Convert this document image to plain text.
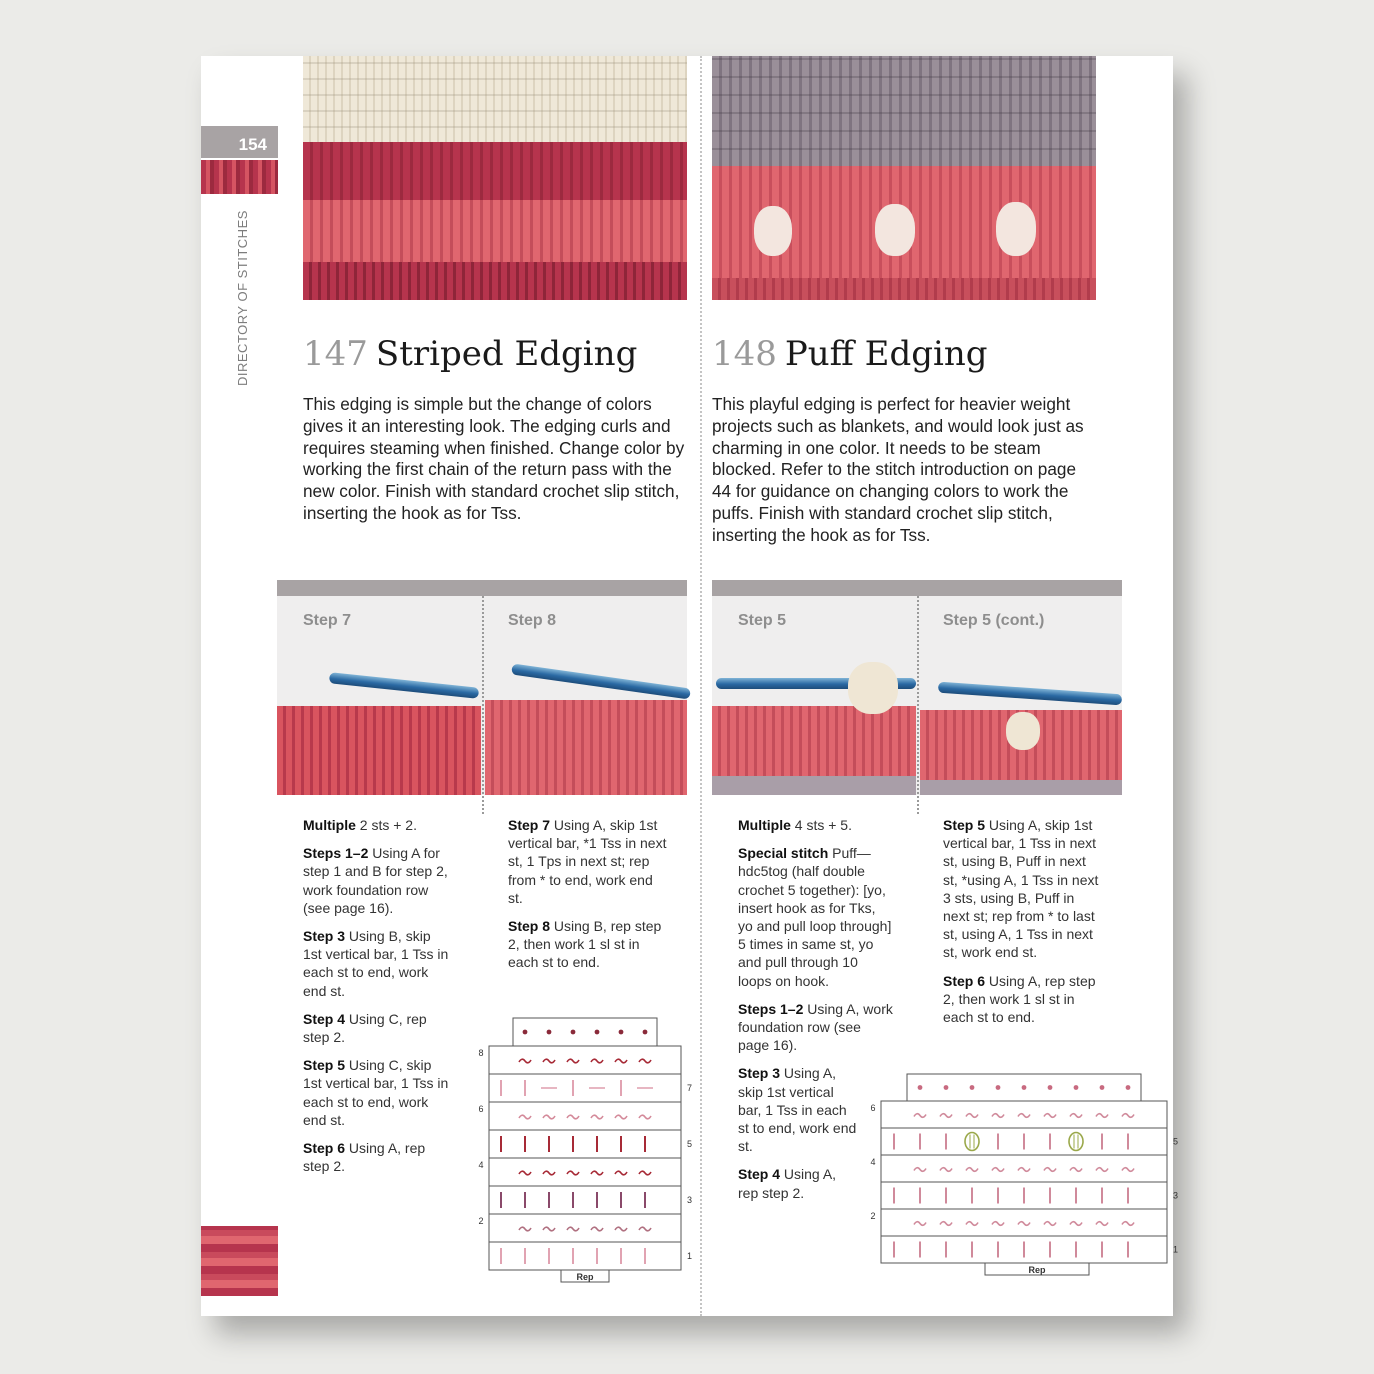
154
DIRECTORY OF STITCHES 147 Striped Edging
This edging is simple but the change of colors gives it an interesting look. The edging curls and requires steaming when finished. Change color by working the first chain of the return pass with the new color. Finish with standard crochet slip stitch, inserting the hook as for Tss.
Step 7	Step 8

Multiple 2 sts + 2.

Steps 1–2 Using A for step 1 and B for step 2, work foundation row (see page 16).

Step 3 Using B, skip 1st vertical bar, 1 Tss in each st to end, work end st.

Step 4 Using C, rep step 2.

Step 5 Using C, skip 1st vertical bar, 1 Tss in each st to end, work end st.

Step 6 Using A, rep step 2.

Step 7 Using A, skip 1st vertical bar, *1 Tss in next st, 1 Tps in next st; rep from * to end, work end st.

Step 8 Using B, rep step 2, then work 1 sl st in each st to end.

8
7
6
5
4
3
2
1
Rep
148 Puff Edging
This playful edging is perfect for heavier weight projects such as blankets, and would look just as charming in one color. It needs to be steam blocked. Refer to the stitch introduction on page 44 for guidance on changing colors to work the puffs. Finish with standard crochet slip stitch, inserting the hook as for Tss.
Step 5	Step 5 (cont.)

Multiple 4 sts + 5.

Special stitch Puff—hdc5tog (half double crochet 5 together): [yo, insert hook as for Tks, yo and pull loop through] 5 times in same st, yo and pull through 10 loops on hook.

Steps 1–2 Using A, work foundation row (see page 16).

Step 3 Using A, skip 1st vertical bar, 1 Tss in each st to end, work end st.

Step 4 Using A, rep step 2.

Step 5 Using A, skip 1st vertical bar, 1 Tss in next st, using B, Puff in next st, *using A, 1 Tss in next 3 sts, using B, Puff in next st; rep from * to last st, using A, 1 Tss in next st, work end st.

Step 6 Using A, rep step 2, then work 1 sl st in each st to end.

6
5
4
3
2
1
Rep
